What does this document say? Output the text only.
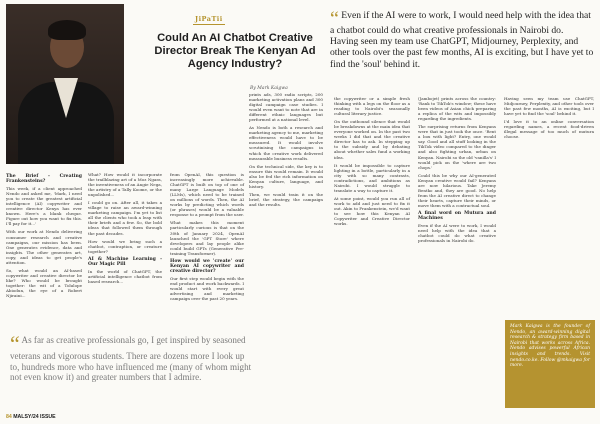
JiPaTii
Could An AI Chatbot Creative Director Break The Kenyan Ad Agency Industry?
By Mark Kaigwa
The Brief - Creating Frankensteins?

This week, if a client approached Nendo and asked me, 'Mark, I need you to create the greatest artificial intelligence (AI) copywriter and creative director Kenya has ever known. Here's a blank cheque. Figure out how you want to fix this. I'll pay for it...'

With our work at Nendo delivering consumer research and creative campaigns, our mission has been. One generates evidence, data and insights. The other generates art, copy, and ideas to get people's attention.

So, what would an AI-based copywriter and creative director be like? Who would be brought together: the wit of a Tolulope Abiodun, the eye of a Robert Njiraini...

What? How would it incorporate the trailblazing art of a Moz Ngara, the inventiveness of an Angie Nega, the artistry of a Tally Koome, or the unpolished...

I could go on. After all, it takes a village to raise an award-winning marketing campaign. I'm yet to list all the clients who took a leap with their briefs and a few. So, the bold ideas that followed them through the past decades.

How would we bring such a chatbot, contraption, or creature together?

AI & Machine Learning - Our Magic Pill

In the world of ChatGPT, the artificial intelligence chatbot from based research...

from OpenAI, this question is increasingly more achievable. ChatGPT is built on top of one of many Large Language Models (LLMs), which need to be trained on millions of words. Then, the AI works by predicting which words (or phrases) would be a valuable response to a prompt from the user.

What makes this moment particularly curious is that on the 30th of January 2024, OpenAI launched the 'GPT Store' where developers and lay people alike could build GPTs (Generative Pre-training Transformer).

How would we 'create' our Kenyan AI copywriter and creative director?

Our first step would begin with the end product and work backwards. I would start with every great advertising and marketing campaign over the past 20 years.

prints ads, 300 radio scripts, 200 marketing activation plans and 300 digital campaign case studies. I would even want to note that are in different ethnic languages but performed at a national level.

As Nendo is both a research and marketing agency to me, marketing effectiveness would have to be measured. It would involve scrutinising the campaigns in which the creative work delivered measurable business results.

On the technical side, the key is to ensure this would remain. It would also be fed the rich information on Kenyan culture, language, and history.

Then, we would train it on the brief, the strategy, the campaign and the results.

the copywriter or a simple fresh thinking with a legs on the floor as a reading to Nairobi's seasonally cultural literary justice.

On the outbound silence that would be breakdowns at the main idea that everyone worked on. In the past two weeks I did that and the creative director has to ask. In stepping up to the subsidy and by debating about whether sales fund a working idea.

It would be impossible to capture lighting in a bottle, particularly in a city with so many contrasts, contradictions, and ambitions as Nairobi. I would struggle to translate a way to capture it.

At some point, would you run all of work to add and just need to fix it out. Akin to Frankenstein, we'd want to see how this Kenyan AI Copywriter and Creative Director works.

(Jambojet) prints across the country: 'Rank to TikTok's window; these have been videos of Asian chick preparing a replica of the wits and impossibly regarding the ingredients.

The surprising returns from Kenyans were that in just took the once. 'Rent a box with light? Entry, one would say. Good and all stuff looking in the TikTok video compared to the dinger and also fighting urban, urban on Kenyan. Nairobi so the old 'vanilla's' I would pick on the 'where are two chops.'

Could this be why our AI-generated Kenyan creative would fail? Kenyans are now hilarious. Take Jeremy Bentko and, they are good. No help from the AI creative direct to change their hearts, capture their minds, or move them with a contractual soul.

A final word on Mutura and Machines

Even if the AI were to work, I would need help with the idea that a chatbot could do what creative professionals in Nairobi do.

Having seen my team use ChatGPT, Midjourney, Perplexity, and other tools over the past few months, AI is exciting, but I have yet to find the 'soul' behind it.

I'd love it to an online conversation regarding names, a recent food-driven illegal message of too much of mutura choose.

“ As far as creative professionals go, I get inspired by seasoned veterans and vigorous students. There are dozens more I look up to, hundreds more who have influenced me (many of whom might not even know it) and greater numbers that I admire.
“ Even if the AI were to work, I would need help with the idea that a chatbot could do what creative professionals in Nairobi do. Having seen my team use ChatGPT, Midjourney, Perplexity, and other tools over the past few months, AI is exciting, but I have yet to find the 'soul' behind it.
Mark Kaigwa is the founder of Nendo, an award-winning digital research & strategy firm based in Nairobi that works across Africa. Nendo advises powerful African insights and trends. Visit nendo.co.ke. Follow @mkaigwa for more.
84 MALSY/24 ISSUE
